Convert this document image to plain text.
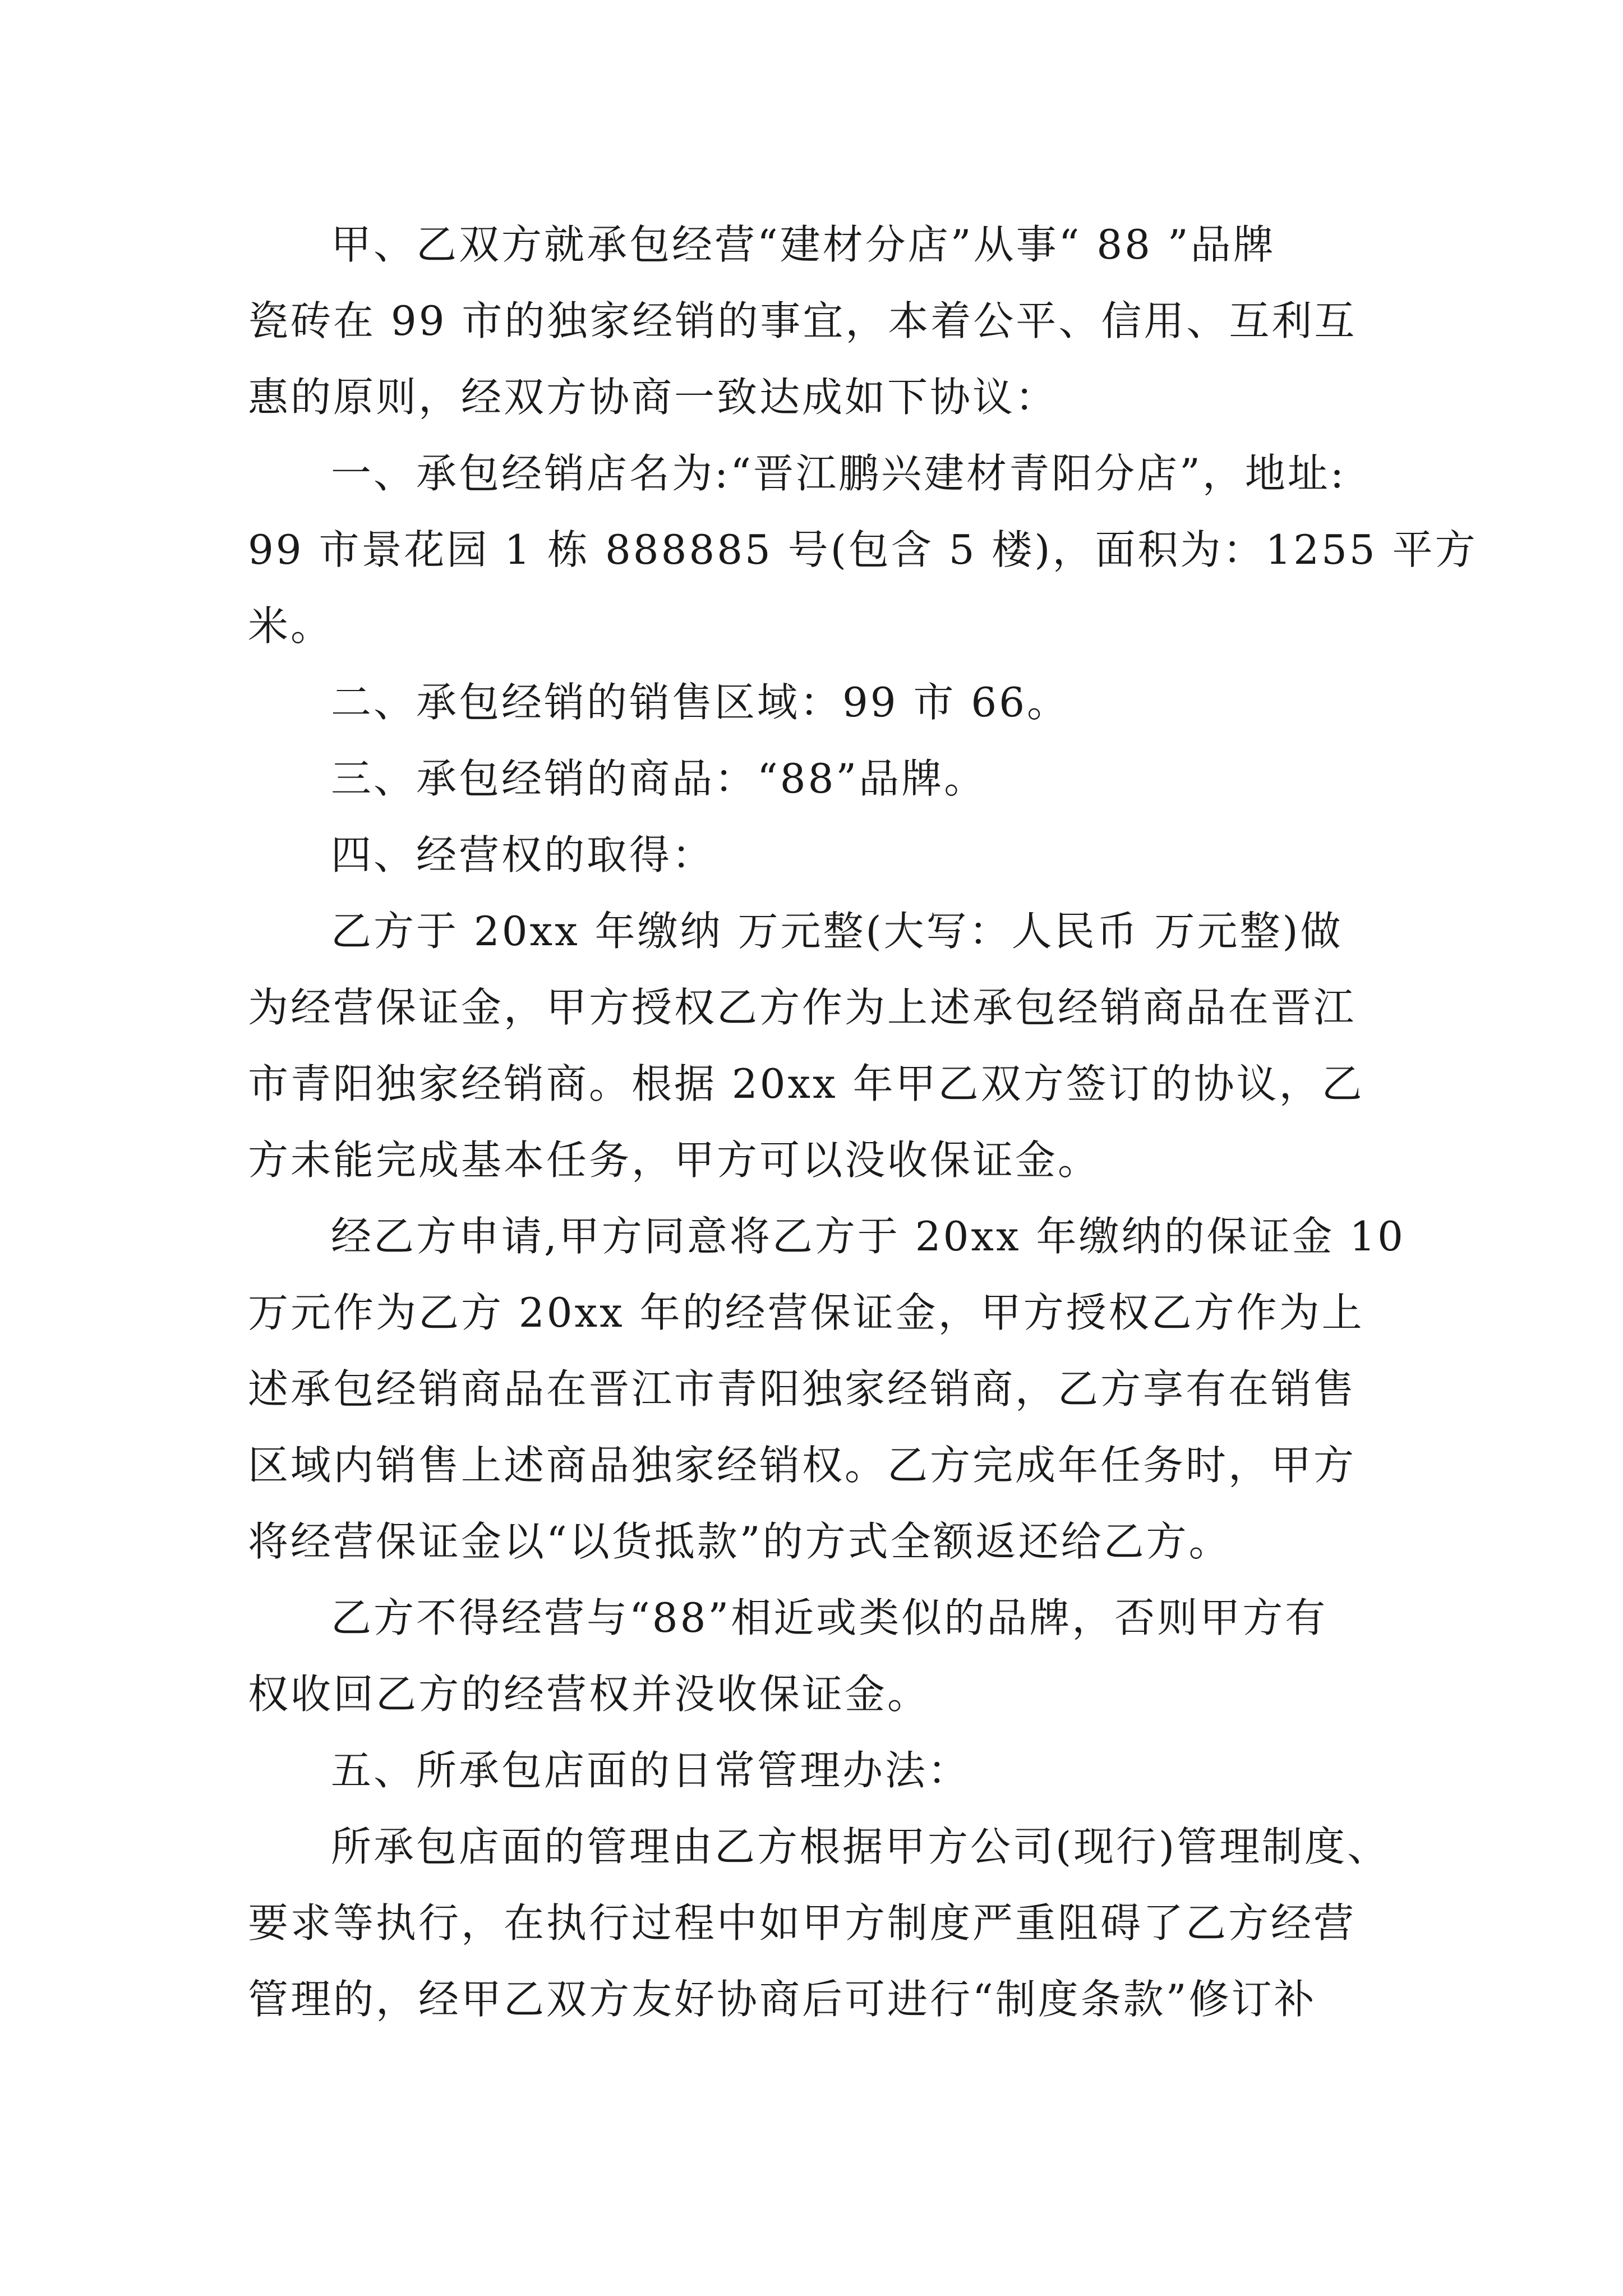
甲、乙双方就承包经营“建材分店”从事“ 88 ”品牌
瓷砖在 99 市的独家经销的事宜，本着公平、信用、互利互
惠的原则，经双方协商一致达成如下协议：
一、承包经销店名为:“晋江鹏兴建材青阳分店”，地址:
99 市景花园 1 栋 888885 号(包含 5 楼)，面积为：1255 平方
米。
二、承包经销的销售区域：99 市 66。
三、承包经销的商品：“88”品牌。
四、经营权的取得：
乙方于 20xx 年缴纳 万元整(大写：人民币 万元整)做
为经营保证金，甲方授权乙方作为上述承包经销商品在晋江
市青阳独家经销商。根据 20xx 年甲乙双方签订的协议，乙
方未能完成基本任务，甲方可以没收保证金。
经乙方申请,甲方同意将乙方于 20xx 年缴纳的保证金 10
万元作为乙方 20xx 年的经营保证金，甲方授权乙方作为上
述承包经销商品在晋江市青阳独家经销商，乙方享有在销售
区域内销售上述商品独家经销权。乙方完成年任务时，甲方
将经营保证金以“以货抵款”的方式全额返还给乙方。
乙方不得经营与“88”相近或类似的品牌，否则甲方有
权收回乙方的经营权并没收保证金。
五、所承包店面的日常管理办法：
所承包店面的管理由乙方根据甲方公司(现行)管理制度、
要求等执行，在执行过程中如甲方制度严重阻碍了乙方经营
管理的，经甲乙双方友好协商后可进行“制度条款”修订补
